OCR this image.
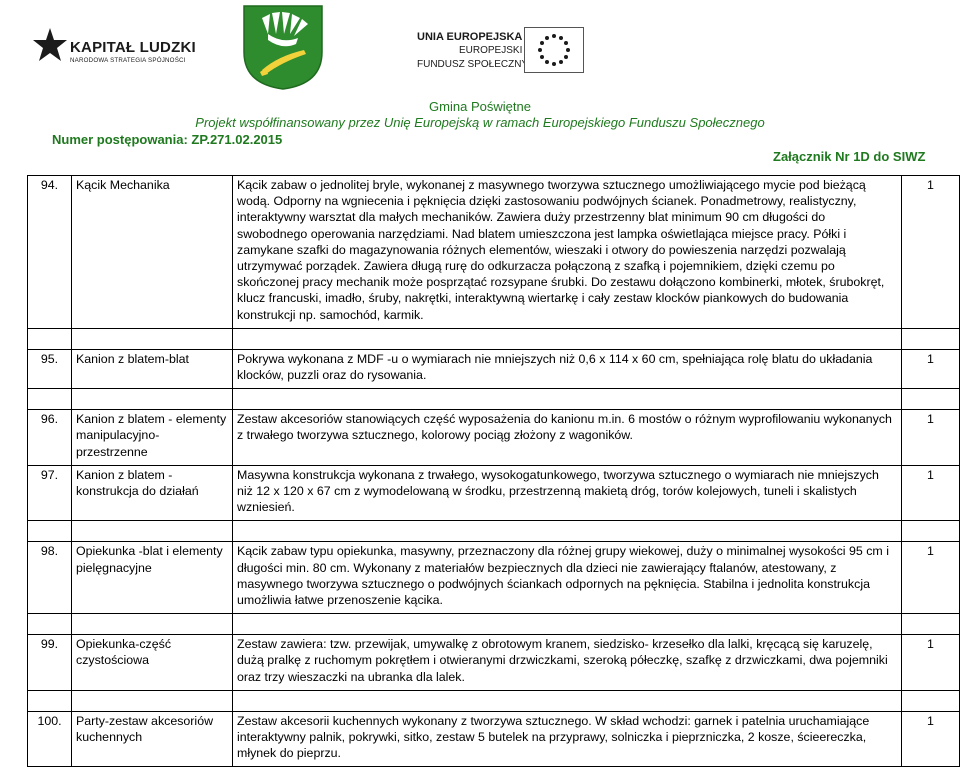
KAPITAŁ LUDZKI
NARODOWA STRATEGIA SPÓJNOŚCI
UNIA EUROPEJSKA
EUROPEJSKI
FUNDUSZ SPOŁECZNY
Gmina Poświętne
Projekt współfinansowany przez Unię Europejską w ramach Europejskiego Funduszu Społecznego
Numer postępowania: ZP.271.02.2015
Załącznik Nr 1D do SIWZ
94.	Kącik Mechanika	Kącik zabaw o jednolitej bryle, wykonanej z masywnego tworzywa sztucznego umożliwiającego mycie pod bieżącą wodą. Odporny na wgniecenia i pęknięcia dzięki zastosowaniu podwójnych ścianek. Ponadmetrowy, realistyczny, interaktywny warsztat dla małych mechaników. Zawiera duży przestrzenny blat minimum 90 cm długości do swobodnego operowania narzędziami. Nad blatem umieszczona jest lampka oświetlająca miejsce pracy. Półki i zamykane szafki do magazynowania różnych elementów, wieszaki i otwory do powieszenia narzędzi pozwalają utrzymywać porządek. Zawiera długą rurę do odkurzacza połączoną z szafką i pojemnikiem, dzięki czemu po skończonej pracy mechanik może posprzątać rozsypane śrubki. Do zestawu dołączono kombinerki, młotek, śrubokręt, klucz francuski, imadło, śruby, nakrętki, interaktywną wiertarkę i cały zestaw klocków piankowych do budowania konstrukcji np. samochód, karmik.	1

95.	Kanion z blatem-blat	Pokrywa wykonana z MDF -u o wymiarach nie mniejszych niż 0,6 x 114 x 60 cm, spełniająca rolę blatu do układania klocków, puzzli oraz do rysowania.	1

96.	Kanion z blatem - elementy manipulacyjno-przestrzenne	Zestaw akcesoriów stanowiących część wyposażenia do kanionu m.in. 6 mostów o różnym wyprofilowaniu wykonanych z trwałego tworzywa sztucznego, kolorowy pociąg złożony z wagoników.	1
97.	Kanion z blatem - konstrukcja do działań	Masywna konstrukcja wykonana z trwałego, wysokogatunkowego, tworzywa sztucznego o wymiarach nie mniejszych niż 12 x 120 x 67 cm z wymodelowaną w środku, przestrzenną makietą dróg, torów kolejowych, tuneli i skalistych wzniesień.	1

98.	Opiekunka -blat i elementy pielęgnacyjne	Kącik zabaw typu opiekunka, masywny, przeznaczony dla różnej grupy wiekowej, duży o minimalnej wysokości 95 cm i długości min. 80 cm. Wykonany z materiałów bezpiecznych dla dzieci nie zawierający ftalanów, atestowany, z masywnego tworzywa sztucznego o podwójnych ściankach odpornych na pęknięcia. Stabilna i jednolita konstrukcja umożliwia łatwe przenoszenie kącika.	1

99.	Opiekunka-część czystościowa	Zestaw zawiera: tzw. przewijak, umywalkę z obrotowym kranem, siedzisko- krzesełko dla lalki, kręcącą się karuzelę, dużą pralkę z ruchomym pokrętłem i otwieranymi drzwiczkami, szeroką półeczkę, szafkę z drzwiczkami, dwa pojemniki oraz trzy wieszaczki na ubranka dla lalek.	1

100.	Party-zestaw akcesoriów kuchennych	Zestaw akcesorii kuchennych wykonany z tworzywa sztucznego. W skład wchodzi: garnek i patelnia uruchamiające interaktywny palnik, pokrywki, sitko, zestaw 5 butelek na przyprawy, solniczka i pieprzniczka, 2 kosze, ścieereczka, młynek do pieprzu.	1
